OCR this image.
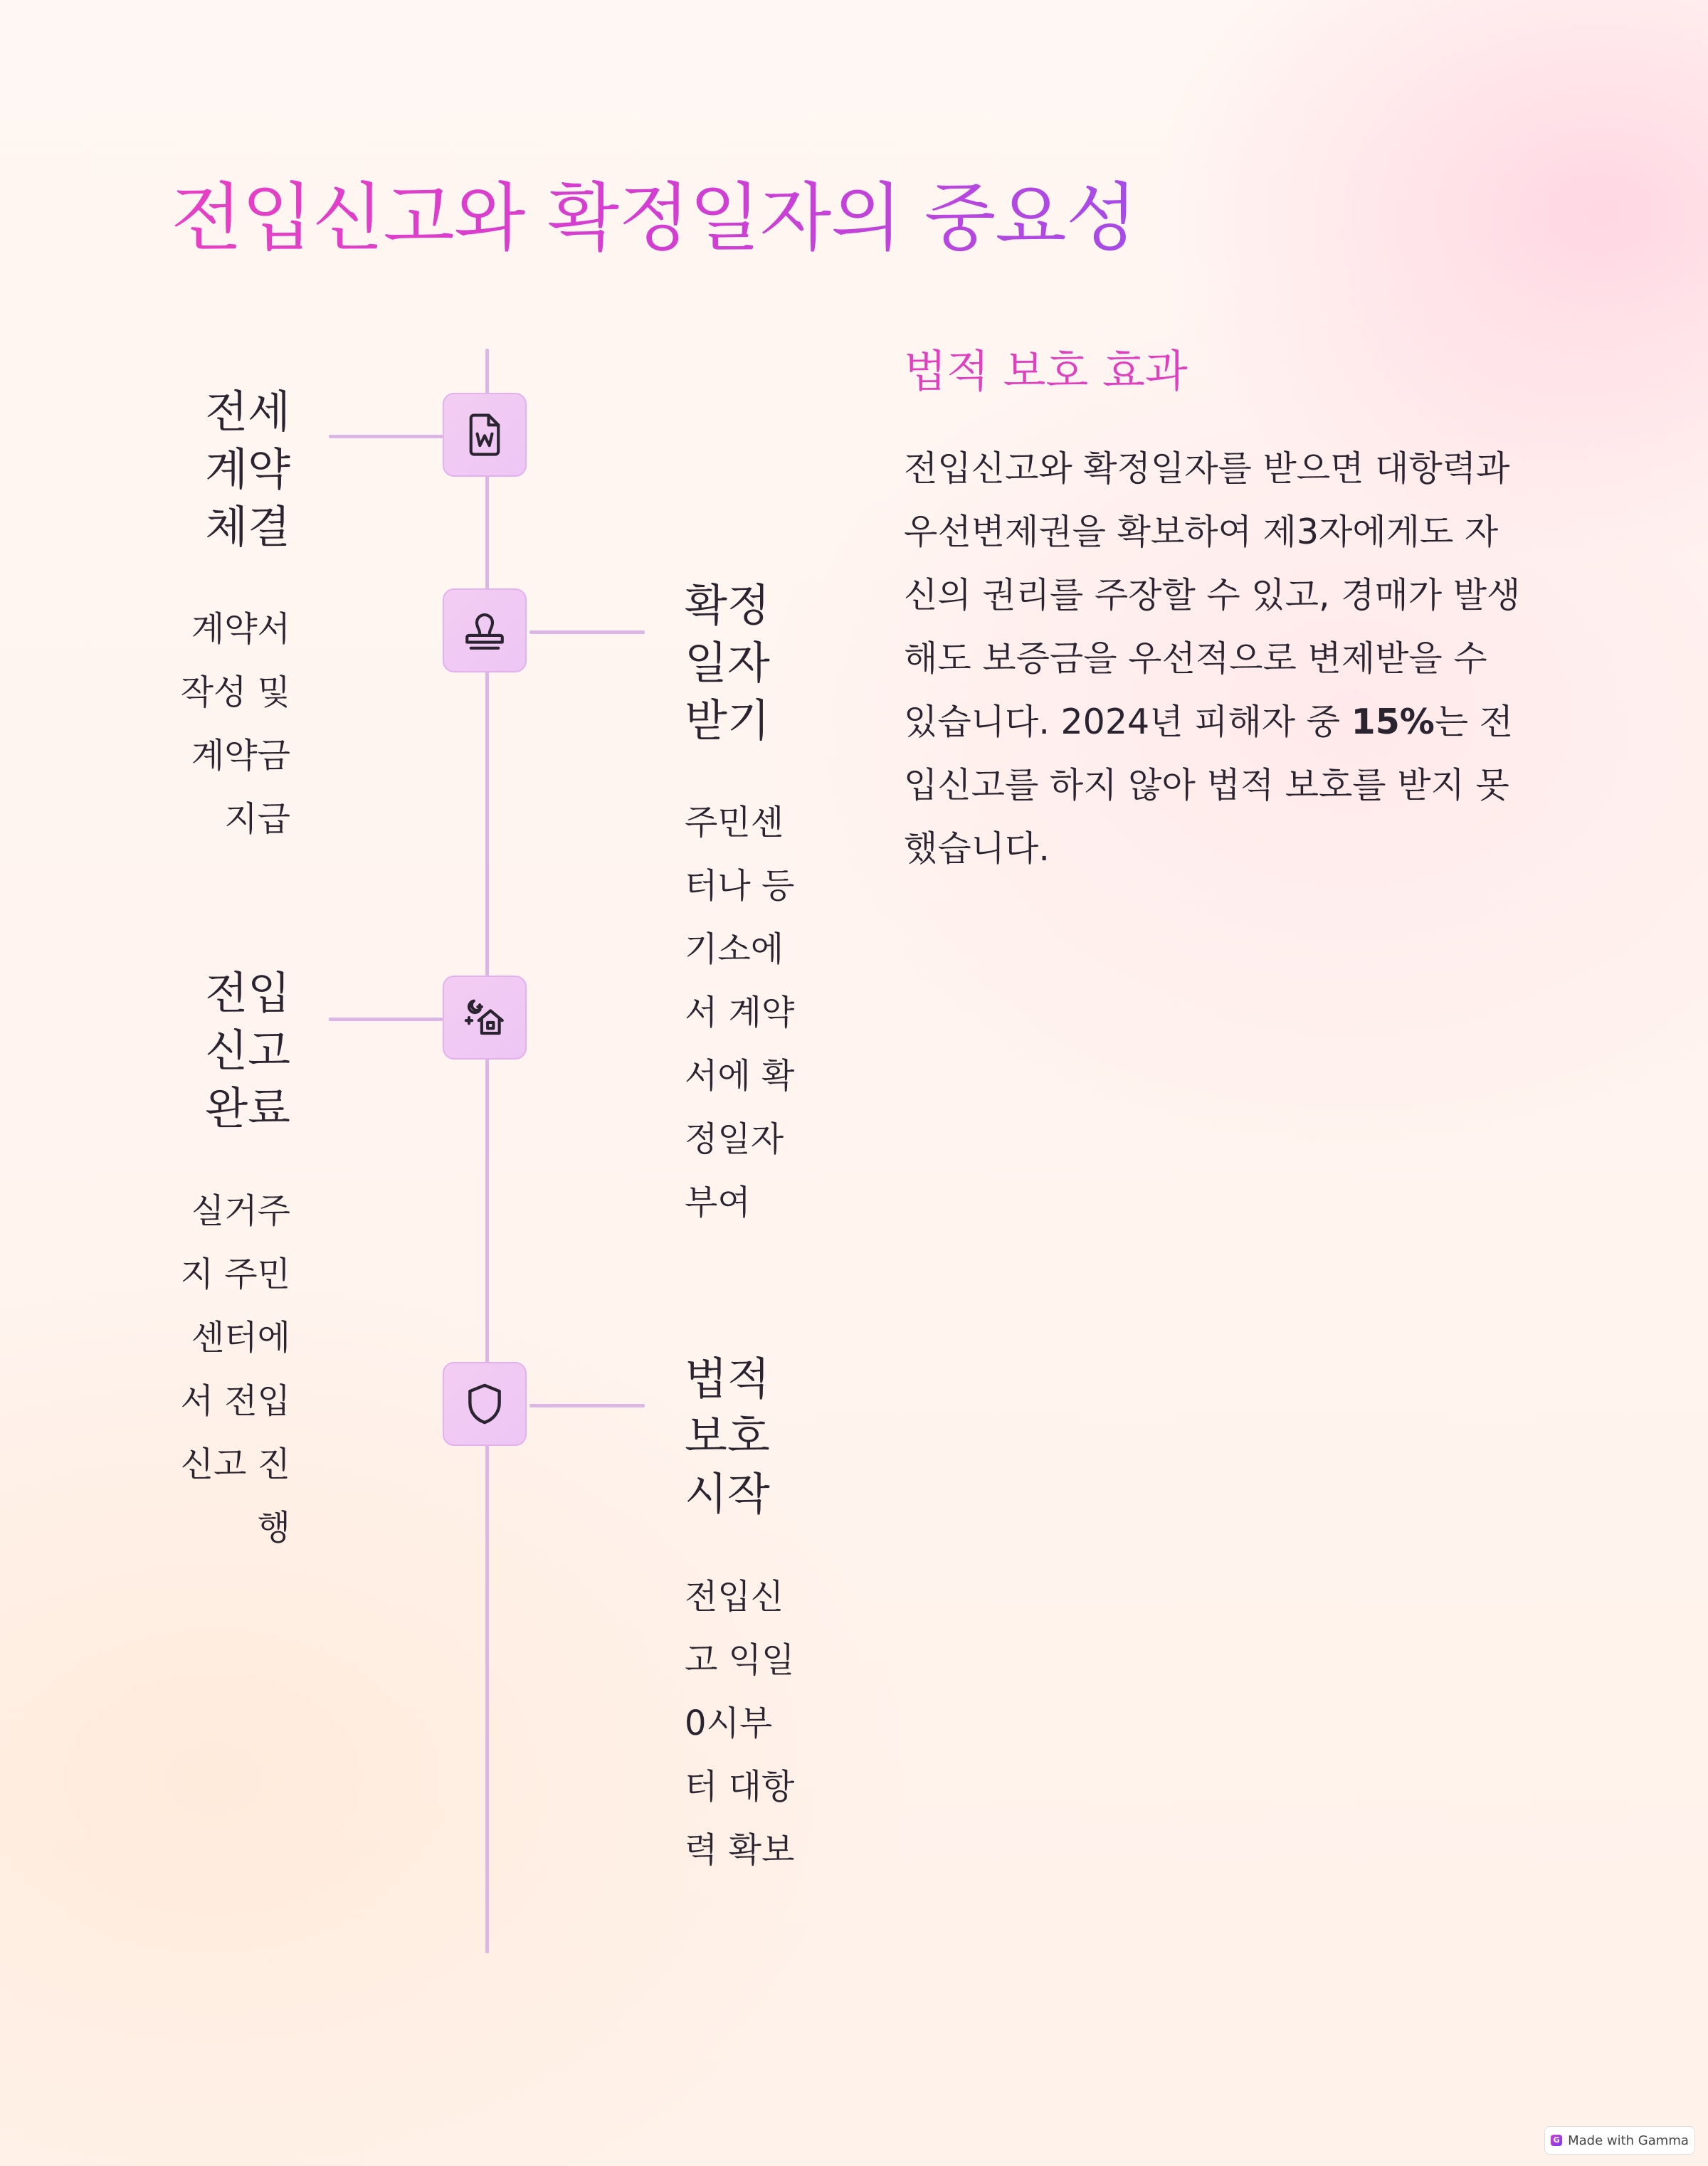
전입신고와 확정일자의 중요성
전세
계약
체결
계약서
작성 및
계약금
지급
확정
일자
받기
주민센
터나 등
기소에
서 계약
서에 확
정일자
부여
전입
신고
완료
실거주
지 주민
센터에
서 전입
신고 진
행
법적
보호
시작
전입신
고 익일
0시부
터 대항
력 확보
법적 보호 효과

전입신고와 확정일자를 받으면 대항력과 우선변제권을 확보하여 제3자에게도 자신의 권리를 주장할 수 있고, 경매가 발생해도 보증금을 우선적으로 변제받을 수 있습니다. 2024년 피해자 중 15%는 전입신고를 하지 않아 법적 보호를 받지 못했습니다.

G Made with Gamma
